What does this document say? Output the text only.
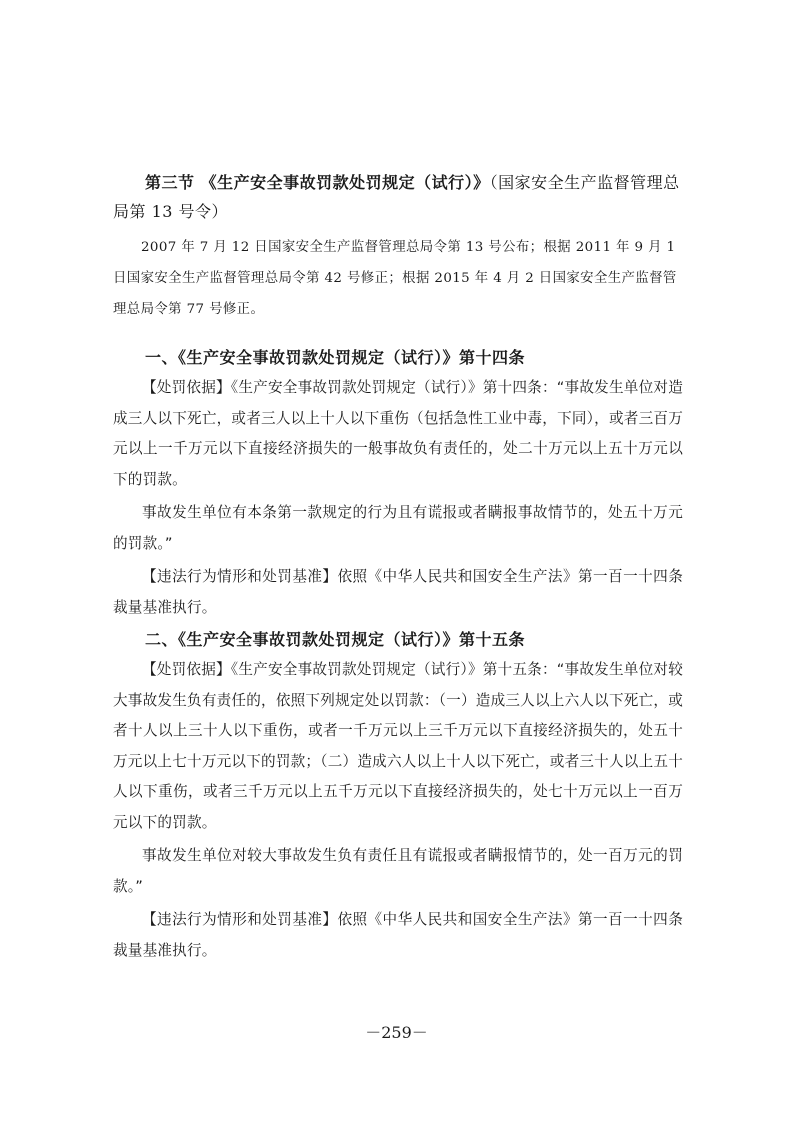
第三节 《生产安全事故罚款处罚规定（试行）》（国家安全生产监督管理总局第 13 号令）

2007 年 7 月 12 日国家安全生产监督管理总局令第 13 号公布；根据 2011 年 9 月 1 日国家安全生产监督管理总局令第 42 号修正；根据 2015 年 4 月 2 日国家安全生产监督管理总局令第 77 号修正。

一、《生产安全事故罚款处罚规定（试行）》第十四条

【处罚依据】《生产安全事故罚款处罚规定（试行）》第十四条：“事故发生单位对造成三人以下死亡，或者三人以上十人以下重伤（包括急性工业中毒，下同），或者三百万元以上一千万元以下直接经济损失的一般事故负有责任的，处二十万元以上五十万元以下的罚款。

事故发生单位有本条第一款规定的行为且有谎报或者瞒报事故情节的，处五十万元的罚款。”

【违法行为情形和处罚基准】依照《中华人民共和国安全生产法》第一百一十四条裁量基准执行。

二、《生产安全事故罚款处罚规定（试行）》第十五条

【处罚依据】《生产安全事故罚款处罚规定（试行）》第十五条：“事故发生单位对较大事故发生负有责任的，依照下列规定处以罚款：（一）造成三人以上六人以下死亡，或者十人以上三十人以下重伤，或者一千万元以上三千万元以下直接经济损失的，处五十万元以上七十万元以下的罚款；（二）造成六人以上十人以下死亡，或者三十人以上五十人以下重伤，或者三千万元以上五千万元以下直接经济损失的，处七十万元以上一百万元以下的罚款。

事故发生单位对较大事故发生负有责任且有谎报或者瞒报情节的，处一百万元的罚款。”

【违法行为情形和处罚基准】依照《中华人民共和国安全生产法》第一百一十四条裁量基准执行。

－259－
